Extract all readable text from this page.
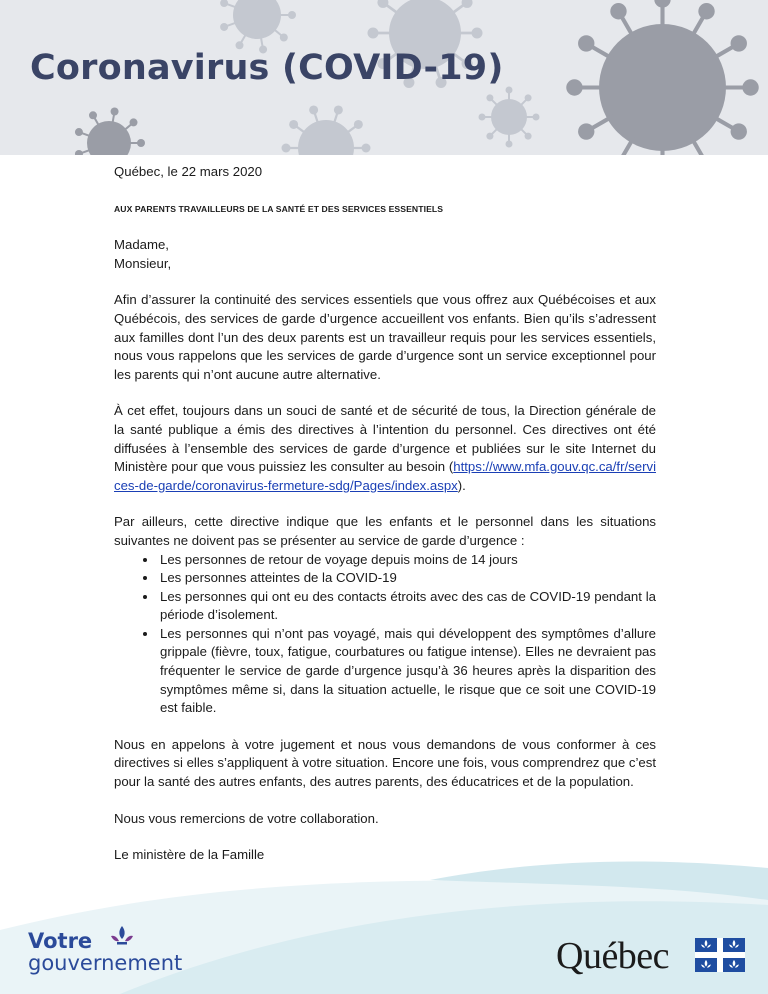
Coronavirus (COVID-19)

Québec, le 22 mars 2020

AUX PARENTS TRAVAILLEURS DE LA SANTÉ ET DES SERVICES ESSENTIELS

Madame,

Monsieur,

Afin d’assurer la continuité des services essentiels que vous offrez aux Québécoises et aux Québécois, des services de garde d’urgence accueillent vos enfants. Bien qu’ils s’adressent aux familles dont l’un des deux parents est un travailleur requis pour les services essentiels, nous vous rappelons que les services de garde d’urgence sont un service exceptionnel pour les parents qui n’ont aucune autre alternative.

À cet effet, toujours dans un souci de santé et de sécurité de tous, la Direction générale de la santé publique a émis des directives à l’intention du personnel. Ces directives ont été diffusées à l’ensemble des services de garde d’urgence et publiées sur le site Internet du Ministère pour que vous puissiez les consulter au besoin (https://www.mfa.gouv.qc.ca/fr/services-de-garde/coronavirus-fermeture-sdg/Pages/index.aspx).

Par ailleurs, cette directive indique que les enfants et le personnel dans les situations suivantes ne doivent pas se présenter au service de garde d’urgence :

• Les personnes de retour de voyage depuis moins de 14 jours
• Les personnes atteintes de la COVID-19
• Les personnes qui ont eu des contacts étroits avec des cas de COVID-19 pendant la période d’isolement.
• Les personnes qui n’ont pas voyagé, mais qui développent des symptômes d’allure grippale (fièvre, toux, fatigue, courbatures ou fatigue intense). Elles ne devraient pas fréquenter le service de garde d’urgence jusqu’à 36 heures après la disparition des symptômes même si, dans la situation actuelle, le risque que ce soit une COVID-19 est faible.

Nous en appelons à votre jugement et nous vous demandons de vous conformer à ces directives si elles s’appliquent à votre situation. Encore une fois, vous comprendrez que c’est pour la santé des autres enfants, des autres parents, des éducatrices et de la population.

Nous vous remercions de votre collaboration.

Le ministère de la Famille

Votre
gouvernement	Québec
